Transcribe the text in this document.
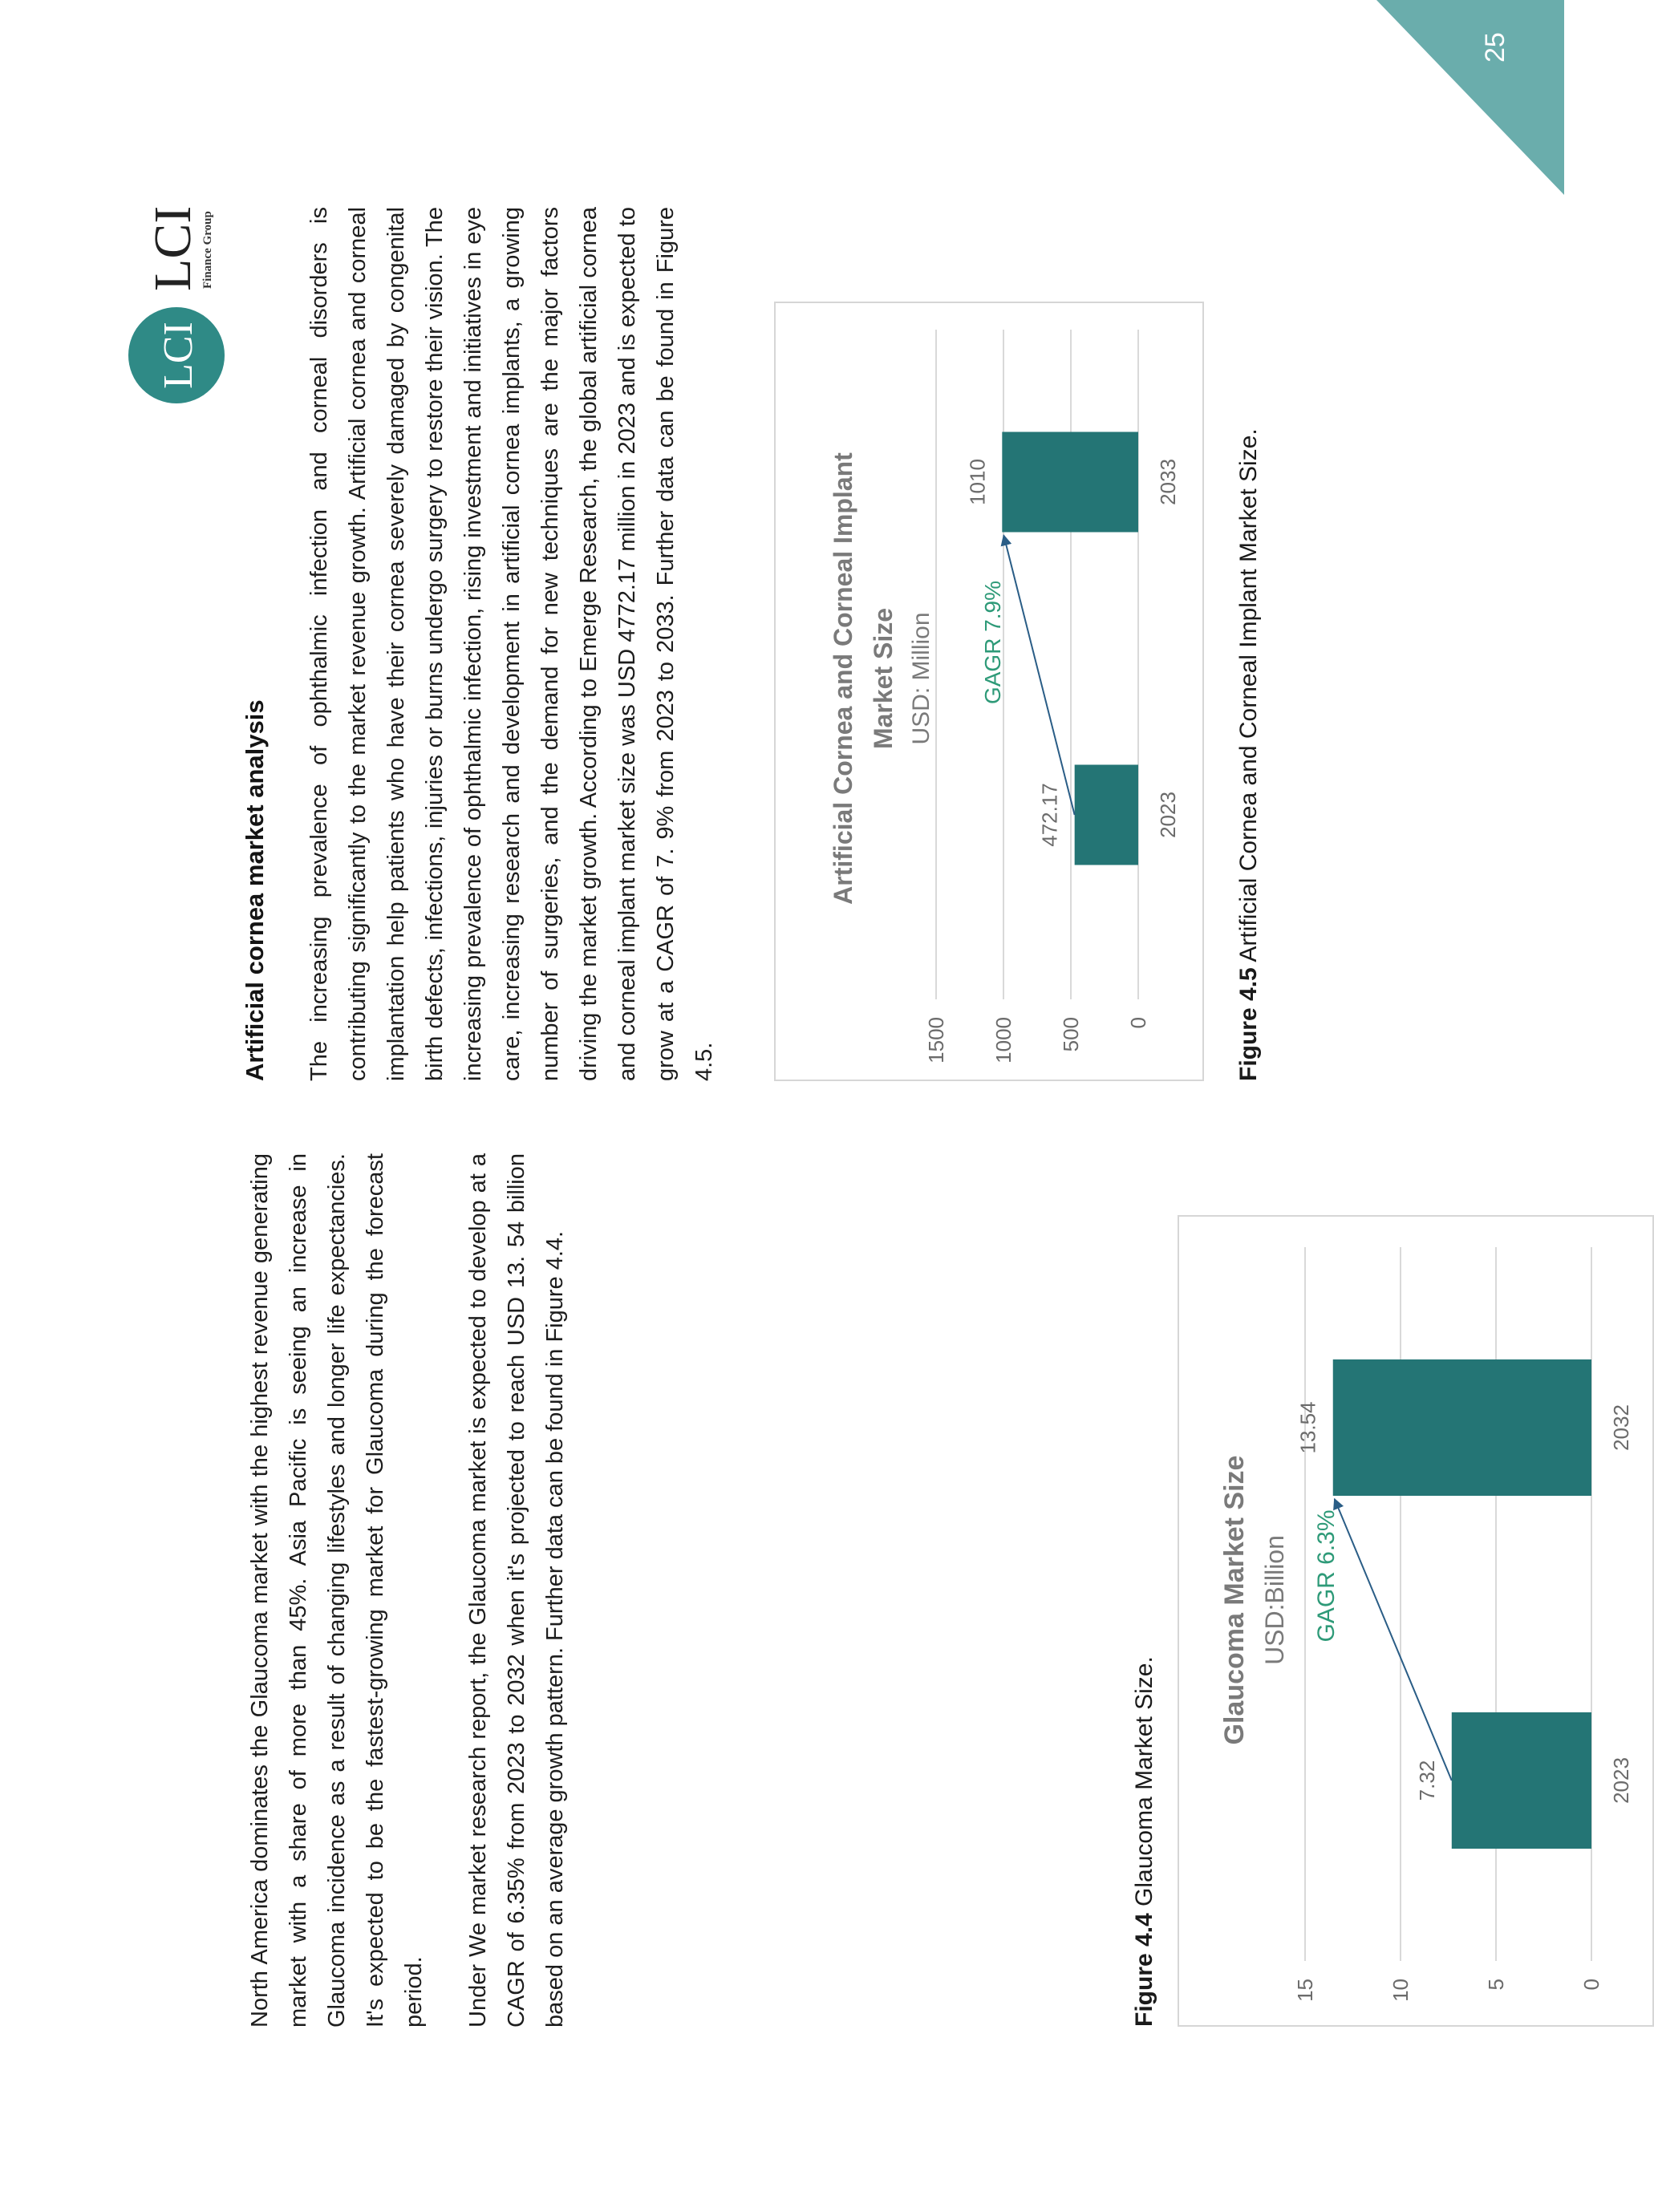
North America dominates the Glaucoma market with the highest revenue generating market with a share of more than 45%. Asia Pacific is seeing an increase in Glaucoma incidence as a result of changing lifestyles and longer life expectancies. It's expected to be the fastest-growing market for Glaucoma during the forecast period. Under We market research report, the Glaucoma market is expected to develop at a CAGR of 6.35% from 2023 to 2032 when it's projected to reach USD 13. 54 billion based on an average growth pattern. Further data can be found in Figure 4.4.	Glaucoma Market Size USD:Billion
0
5
10
15
7.32	2023
13.54	2032
GAGR 6.3%
Figure 4.4 Glaucoma Market Size.
Artificial cornea market analysis The increasing prevalence of ophthalmic infection and corneal disorders is contributing significantly to the market revenue growth. Artificial cornea and corneal implantation help patients who have their cornea severely damaged by congenital birth defects, infections, injuries or burns undergo surgery to restore their vision. The increasing prevalence of ophthalmic infection, rising investment and initiatives in eye care, increasing research and development in artificial cornea implants, a growing number of surgeries, and the demand for new techniques are the major factors driving the market growth. According to Emerge Research, the global artificial cornea and corneal implant market size was USD 4772.17 million in 2023 and is expected to grow at a CAGR of 7. 9% from 2023 to 2033. Further data can be found in Figure 4.5.

Artificial Cornea and Corneal Implant Market Size USD: Million
0
500
1000
1500
472.17	2023
1010	2033
GAGR 7.9%
Figure 4.5 Artificial Cornea and Corneal Implant Market Size.
LCI
LCI Finance Group
25
